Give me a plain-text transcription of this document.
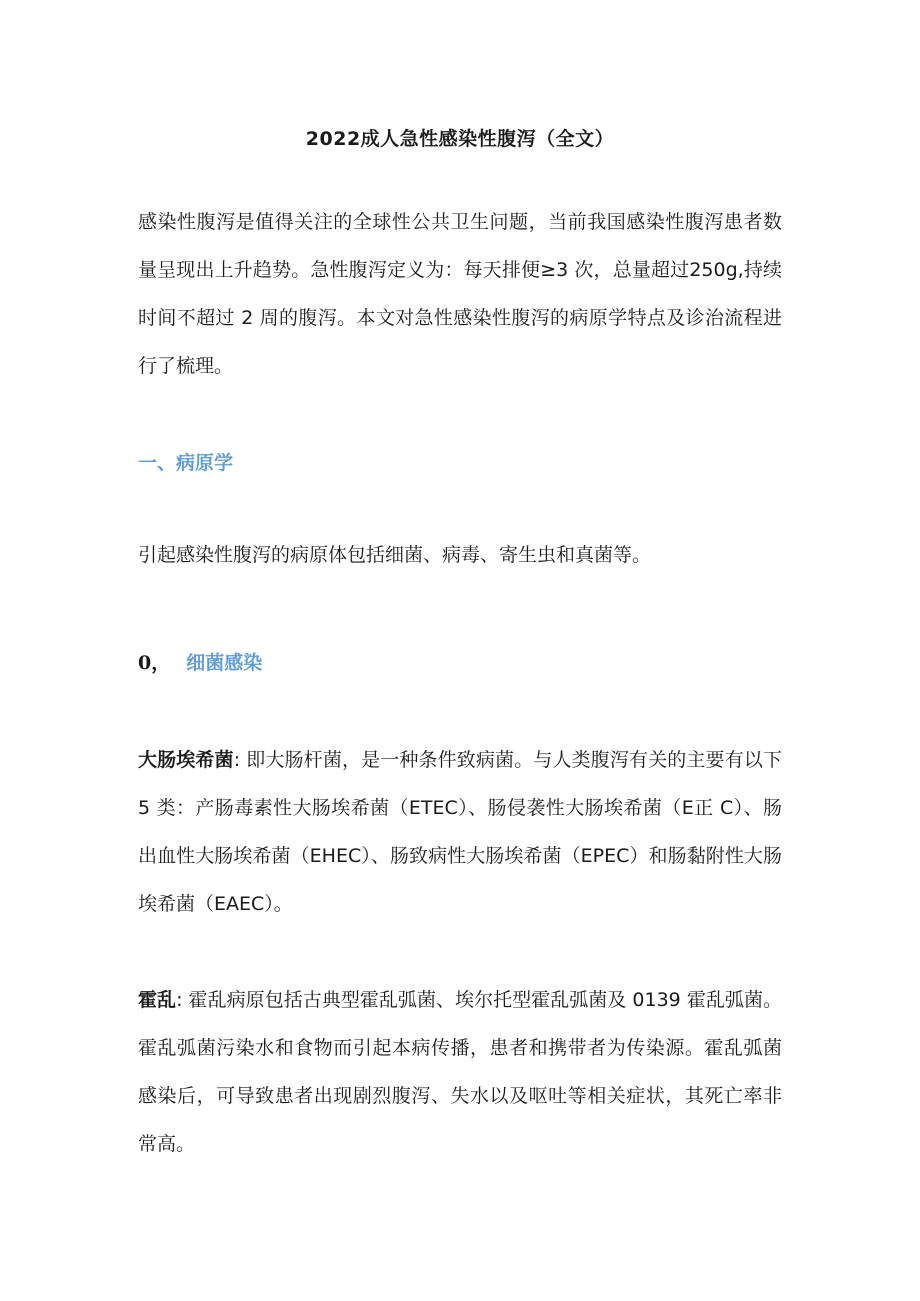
2022成人急性感染性腹泻（全文）

感染性腹泻是值得关注的全球性公共卫生问题，当前我国感染性腹泻患者数量呈现出上升趋势。急性腹泻定义为：每天排便≥3 次，总量超过250g,持续时间不超过 2 周的腹泻。本文对急性感染性腹泻的病原学特点及诊治流程进行了梳理。

一、病原学

引起感染性腹泻的病原体包括细菌、病毒、寄生虫和真菌等。

0， 细菌感染

大肠埃希菌: 即大肠杆菌，是一种条件致病菌。与人类腹泻有关的主要有以下 5 类：产肠毒素性大肠埃希菌（ETEC）、肠侵袭性大肠埃希菌（E正 C）、肠出血性大肠埃希菌（EHEC）、肠致病性大肠埃希菌（EPEC）和肠黏附性大肠埃希菌（EAEC）。

霍乱: 霍乱病原包括古典型霍乱弧菌、埃尔托型霍乱弧菌及 0139 霍乱弧菌。霍乱弧菌污染水和食物而引起本病传播，患者和携带者为传染源。霍乱弧菌感染后，可导致患者出现剧烈腹泻、失水以及呕吐等相关症状，其死亡率非常高。
